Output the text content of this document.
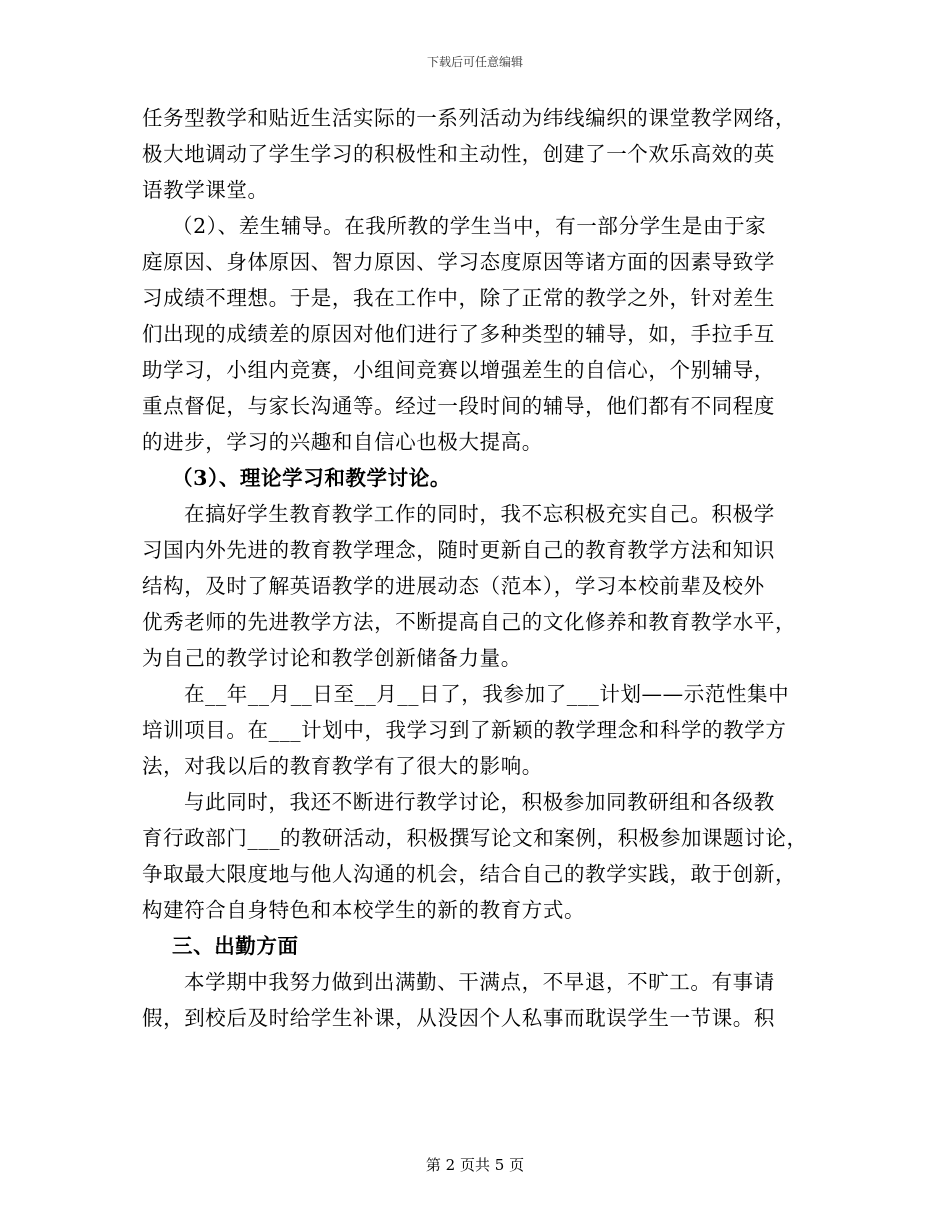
下载后可任意编辑
任务型教学和贴近生活实际的一系列活动为纬线编织的课堂教学网络，
极大地调动了学生学习的积极性和主动性，创建了一个欢乐高效的英
语教学课堂。
（2）、差生辅导。在我所教的学生当中，有一部分学生是由于家
庭原因、身体原因、智力原因、学习态度原因等诸方面的因素导致学
习成绩不理想。于是，我在工作中，除了正常的教学之外，针对差生
们出现的成绩差的原因对他们进行了多种类型的辅导，如，手拉手互
助学习，小组内竞赛，小组间竞赛以增强差生的自信心，个别辅导，
重点督促，与家长沟通等。经过一段时间的辅导，他们都有不同程度
的进步，学习的兴趣和自信心也极大提高。
（3）、理论学习和教学讨论。
在搞好学生教育教学工作的同时，我不忘积极充实自己。积极学
习国内外先进的教育教学理念，随时更新自己的教育教学方法和知识
结构，及时了解英语教学的进展动态（范本），学习本校前辈及校外
优秀老师的先进教学方法，不断提高自己的文化修养和教育教学水平，
为自己的教学讨论和教学创新储备力量。
在__年__月__日至__月__日了，我参加了___计划——示范性集中
培训项目。在___计划中，我学习到了新颖的教学理念和科学的教学方
法，对我以后的教育教学有了很大的影响。
与此同时，我还不断进行教学讨论，积极参加同教研组和各级教
育行政部门___的教研活动，积极撰写论文和案例，积极参加课题讨论，
争取最大限度地与他人沟通的机会，结合自己的教学实践，敢于创新，
构建符合自身特色和本校学生的新的教育方式。
三、出勤方面
本学期中我努力做到出满勤、干满点，不早退，不旷工。有事请
假，到校后及时给学生补课，从没因个人私事而耽误学生一节课。积
第 2 页共 5 页
